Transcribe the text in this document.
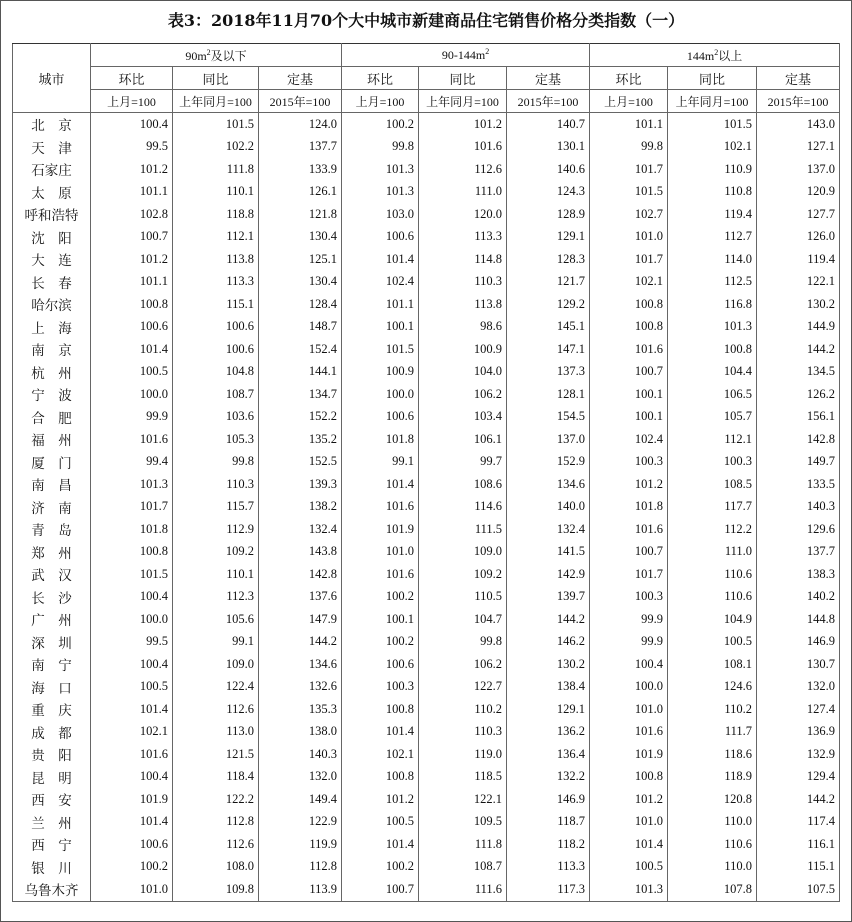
表3：2018年11月70个大中城市新建商品住宅销售价格分类指数（一）
城市	$90m^2$及以下			$90-144m^2$			$144m^2$以上		
	环比	同比	定基	环比	同比	定基	环比	同比	定基
	上月=100	上年同月=100	2015年=100	上月=100	上年同月=100	2015年=100	上月=100	上年同月=100	2015年=100
北　京	100.4	101.5	124.0	100.2	101.2	140.7	101.1	101.5	143.0
天　津	99.5	102.2	137.7	99.8	101.6	130.1	99.8	102.1	127.1
石家庄	101.2	111.8	133.9	101.3	112.6	140.6	101.7	110.9	137.0
太　原	101.1	110.1	126.1	101.3	111.0	124.3	101.5	110.8	120.9
呼和浩特	102.8	118.8	121.8	103.0	120.0	128.9	102.7	119.4	127.7
沈　阳	100.7	112.1	130.4	100.6	113.3	129.1	101.0	112.7	126.0
大　连	101.2	113.8	125.1	101.4	114.8	128.3	101.7	114.0	119.4
长　春	101.1	113.3	130.4	102.4	110.3	121.7	102.1	112.5	122.1
哈尔滨	100.8	115.1	128.4	101.1	113.8	129.2	100.8	116.8	130.2
上　海	100.6	100.6	148.7	100.1	98.6	145.1	100.8	101.3	144.9
南　京	101.4	100.6	152.4	101.5	100.9	147.1	101.6	100.8	144.2
杭　州	100.5	104.8	144.1	100.9	104.0	137.3	100.7	104.4	134.5
宁　波	100.0	108.7	134.7	100.0	106.2	128.1	100.1	106.5	126.2
合　肥	99.9	103.6	152.2	100.6	103.4	154.5	100.1	105.7	156.1
福　州	101.6	105.3	135.2	101.8	106.1	137.0	102.4	112.1	142.8
厦　门	99.4	99.8	152.5	99.1	99.7	152.9	100.3	100.3	149.7
南　昌	101.3	110.3	139.3	101.4	108.6	134.6	101.2	108.5	133.5
济　南	101.7	115.7	138.2	101.6	114.6	140.0	101.8	117.7	140.3
青　岛	101.8	112.9	132.4	101.9	111.5	132.4	101.6	112.2	129.6
郑　州	100.8	109.2	143.8	101.0	109.0	141.5	100.7	111.0	137.7
武　汉	101.5	110.1	142.8	101.6	109.2	142.9	101.7	110.6	138.3
长　沙	100.4	112.3	137.6	100.2	110.5	139.7	100.3	110.6	140.2
广　州	100.0	105.6	147.9	100.1	104.7	144.2	99.9	104.9	144.8
深　圳	99.5	99.1	144.2	100.2	99.8	146.2	99.9	100.5	146.9
南　宁	100.4	109.0	134.6	100.6	106.2	130.2	100.4	108.1	130.7
海　口	100.5	122.4	132.6	100.3	122.7	138.4	100.0	124.6	132.0
重　庆	101.4	112.6	135.3	100.8	110.2	129.1	101.0	110.2	127.4
成　都	102.1	113.0	138.0	101.4	110.3	136.2	101.6	111.7	136.9
贵　阳	101.6	121.5	140.3	102.1	119.0	136.4	101.9	118.6	132.9
昆　明	100.4	118.4	132.0	100.8	118.5	132.2	100.8	118.9	129.4
西　安	101.9	122.2	149.4	101.2	122.1	146.9	101.2	120.8	144.2
兰　州	101.4	112.8	122.9	100.5	109.5	118.7	101.0	110.0	117.4
西　宁	100.6	112.6	119.9	101.4	111.8	118.2	101.4	110.6	116.1
银　川	100.2	108.0	112.8	100.2	108.7	113.3	100.5	110.0	115.1
乌鲁木齐	101.0	109.8	113.9	100.7	111.6	117.3	101.3	107.8	107.5
